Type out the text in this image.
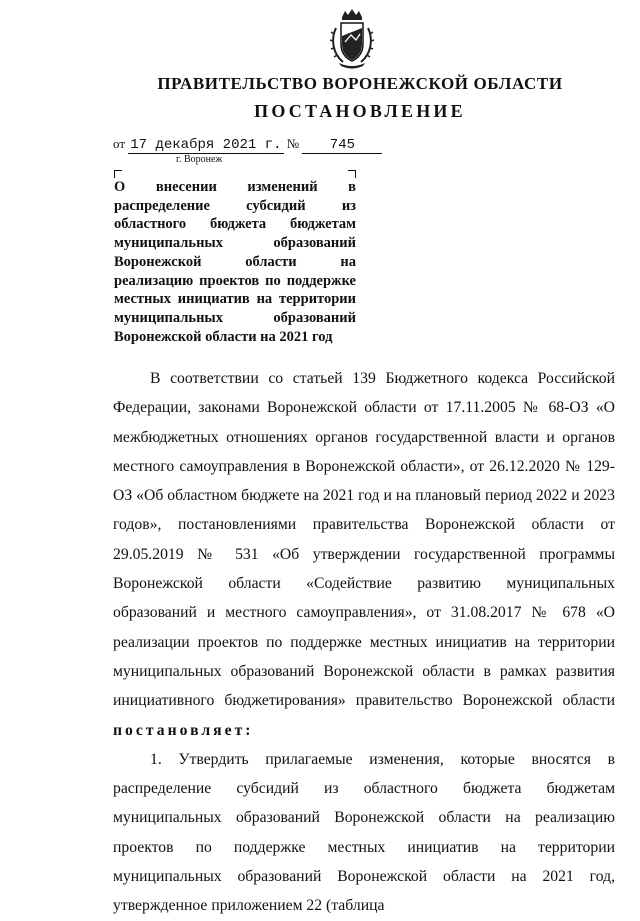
ПРАВИТЕЛЬСТВО ВОРОНЕЖСКОЙ ОБЛАСТИ
ПОСТАНОВЛЕНИЕ
от 17 декабря 2021 г. № 745
г. Воронеж

О внесении изменений в распределение субсидий из областного бюджета бюджетам муниципальных образований Воронежской области на реализацию проектов по поддержке местных инициатив на территории муниципальных образований Воронежской области на 2021 год

В соответствии со статьей 139 Бюджетного кодекса Российской Федерации, законами Воронежской области от 17.11.2005 № 68-ОЗ «О межбюджетных отношениях органов государственной власти и органов местного самоуправления в Воронежской области», от 26.12.2020 № 129-ОЗ «Об областном бюджете на 2021 год и на плановый период 2022 и 2023 годов», постановлениями правительства Воронежской области от 29.05.2019 № 531 «Об утверждении государственной программы Воронежской области «Содействие развитию муниципальных образований и местного самоуправления», от 31.08.2017 № 678 «О реализации проектов по поддержке местных инициатив на территории муниципальных образований Воронежской области в рамках развития инициативного бюджетирования» правительство Воронежской области постановляет:

1. Утвердить прилагаемые изменения, которые вносятся в распределение субсидий из областного бюджета бюджетам муниципальных образований Воронежской области на реализацию проектов по поддержке местных инициатив на территории муниципальных образований Воронежской области на 2021 год, утвержденное приложением 22 (таблица
